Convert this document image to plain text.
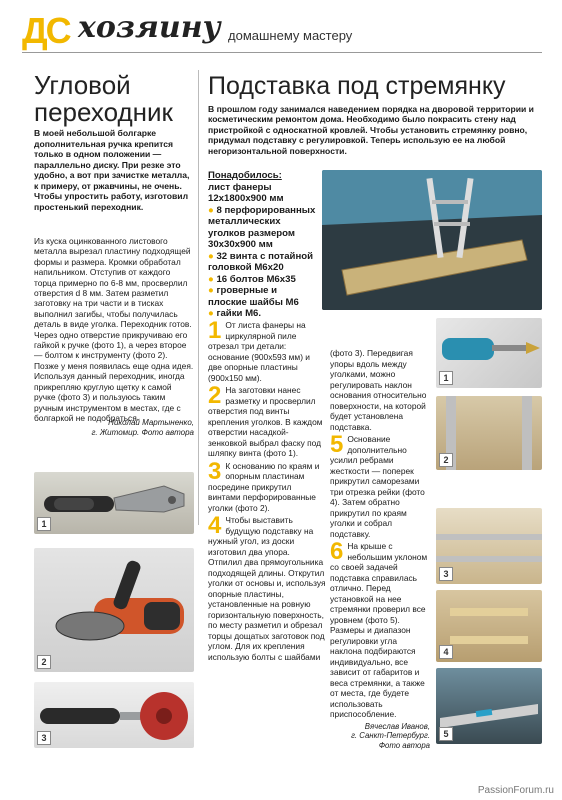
ДС хозяину домашнему мастеру
Угловой переходник

В моей небольшой болгарке дополнительная ручка крепится только в одном положении — параллельно диску. При резке это удобно, а вот при зачистке металла, к примеру, от ржавчины, не очень. Чтобы упростить работу, изготовил простенький переходник.

Из куска оцинкованного листового металла вырезал пластину подходящей формы и размера. Кромки обработал напильником. Отступив от каждого торца примерно по 6-8 мм, просверлил отверстия d 8 мм. Затем разметил заготовку на три части и в тисках выполнил загибы, чтобы получилась деталь в виде уголка. Переходник готов. Через одно отверстие прикручиваю его гайкой к ручке (фото 1), а через второе — болтом к инструменту (фото 2). Позже у меня появилась еще одна идея. Используя данный переходник, иногда прикрепляю круглую щетку к самой ручке (фото 3) и пользуюсь таким ручным инструментом в местах, где с болгаркой не подобраться.

Николай Мартыненко,
г. Житомир. Фото автора
1
2
3
Подставка под стремянку

В прошлом году занимался наведением порядка на дворовой территории и косметическим ремонтом дома. Необходимо было покрасить стену над пристройкой с односкатной кровлей. Чтобы установить стремянку ровно, придумал подставку с регулировкой. Теперь использую ее на любой негоризонтальной поверхности.

Понадобилось:
лист фанеры 12х1800х900 мм
● 8 перфорированных металлических уголков размером 30х30х900 мм
● 32 винта с потайной головкой М6х20
● 16 болтов М6х35
● гроверные и плоские шайбы М6
● гайки М6.
1 От листа фанеры на циркулярной пиле отрезал три детали: основание (900х593 мм) и две опорные пластины (900х150 мм).
2 На заготовки нанес разметку и просверлил отверстия под винты крепления уголков. В каждом отверстии насадкой-зенковкой выбрал фаску под шляпку винта (фото 1).
3 К основанию по краям и опорным пластинам посредине прикрутил винтами перфорированные уголки (фото 2).
4 Чтобы выставить будущую подставку на нужный угол, из доски изготовил два упора. Отпилил два прямоугольника подходящей длины. Открутил уголки от основы и, используя опорные пластины, установленные на ровную горизонтальную поверхность, по месту разметил и обрезал торцы дощатых заготовок под углом. Для их крепления использую болты с шайбами

(фото 3). Передвигая упоры вдоль между уголками, можно регулировать наклон основания относительно поверхности, на которой будет установлена подставка.

5 Основание дополнительно усилил ребрами жесткости — поперек прикрутил саморезами три отрезка рейки (фото 4). Затем обратно прикрутил по краям уголки и собрал подставку.
6 На крыше с небольшим уклоном со своей задачей подставка справилась отлично. Перед установкой на нее стремянки проверил все уровнем (фото 5). Размеры и диапазон регулировки угла наклона подбираются индивидуально, все зависит от габаритов и веса стремянки, а также от места, где будете использовать приспособление.
Вячеслав Иванов,
г. Санкт-Петербург.
Фото автора
1
2
3
4
5
PassionForum.ru
